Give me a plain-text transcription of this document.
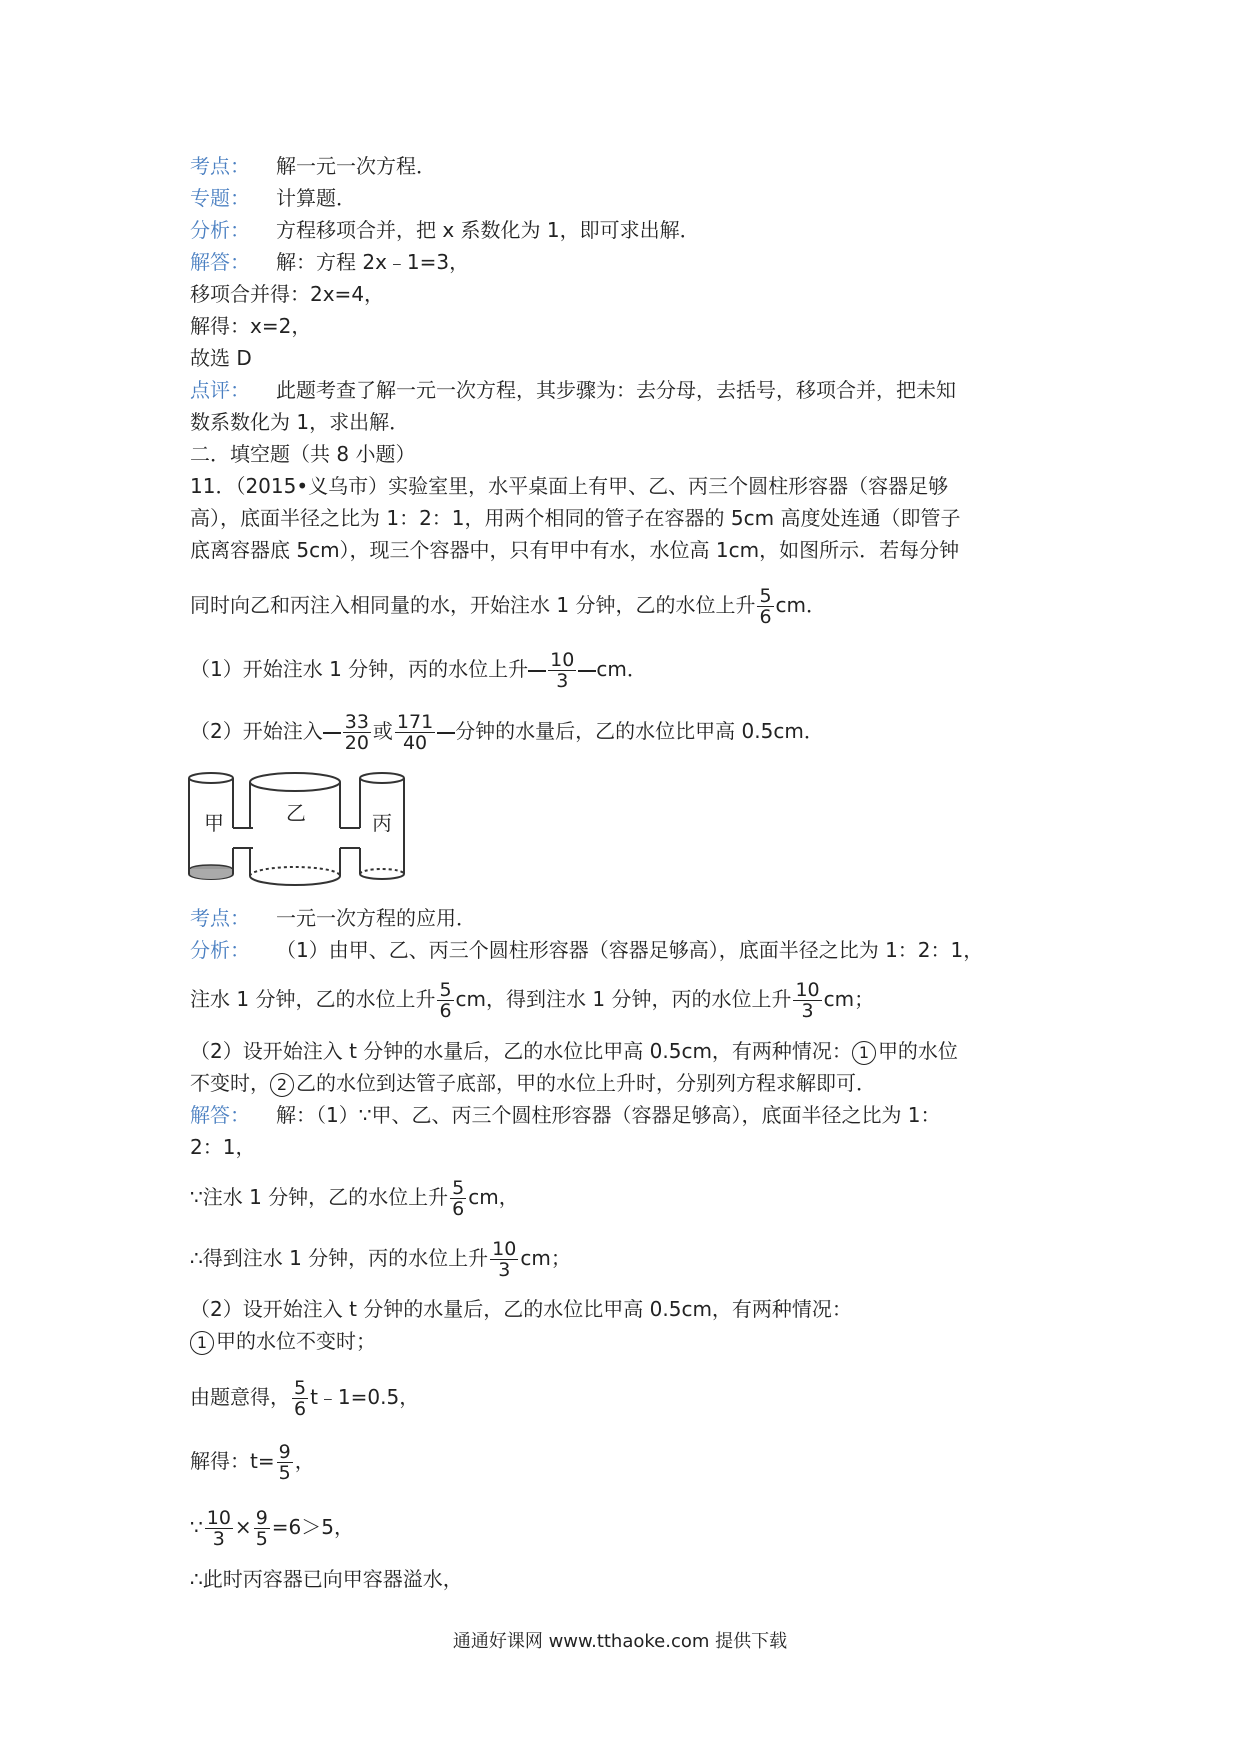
考点： 解一元一次方程．
专题： 计算题．
分析： 方程移项合并，把 x 系数化为 1，即可求出解．
解答： 解：方程 2x﹣1=3，
移项合并得：2x=4，
解得：x=2，
故选 D
点评： 此题考查了解一元一次方程，其步骤为：去分母，去括号，移项合并，把未知
数系数化为 1，求出解．
二．填空题（共 8 小题）
11．（2015•义乌市）实验室里，水平桌面上有甲、乙、丙三个圆柱形容器（容器足够
高），底面半径之比为 1：2：1，用两个相同的管子在容器的 5cm 高度处连通（即管子
底离容器底 5cm），现三个容器中，只有甲中有水，水位高 1cm，如图所示．若每分钟
同时向乙和丙注入相同量的水，开始注水 1 分钟，乙的水位上升 $\frac{5}{6}$ cm．
（1）开始注水 1 分钟，丙的水位上升 $\frac{10}{3}$ cm．
（2）开始注入 $\frac{33}{20}$ 或 $\frac{171}{40}$ 分钟的水量后，乙的水位比甲高 0.5cm．
甲	乙	丙
考点： 一元一次方程的应用．
分析： （1）由甲、乙、丙三个圆柱形容器（容器足够高），底面半径之比为 1：2：1，
注水 1 分钟，乙的水位上升 $\frac{5}{6}$ cm，得到注水 1 分钟，丙的水位上升 $\frac{10}{3}$ cm；
（2）设开始注入 t 分钟的水量后，乙的水位比甲高 0.5cm，有两种情况： 1 甲的水位
不变时， 2 乙的水位到达管子底部，甲的水位上升时，分别列方程求解即可．
解答： 解：（1）∵甲、乙、丙三个圆柱形容器（容器足够高），底面半径之比为 1：
2：1，
∵注水 1 分钟，乙的水位上升 $\frac{5}{6}$ cm，
∴得到注水 1 分钟，丙的水位上升 $\frac{10}{3}$ cm；
（2）设开始注入 t 分钟的水量后，乙的水位比甲高 0.5cm，有两种情况：
1 甲的水位不变时；
由题意得， $\frac{5}{6}$ t﹣1=0.5，
解得：$t= \frac{9}{5}$ ，
∵ $\frac{10}{3} \times \frac{9}{5} =6>5$，
∴此时丙容器已向甲容器溢水，
通通好课网 www.tthaoke.com 提供下载
